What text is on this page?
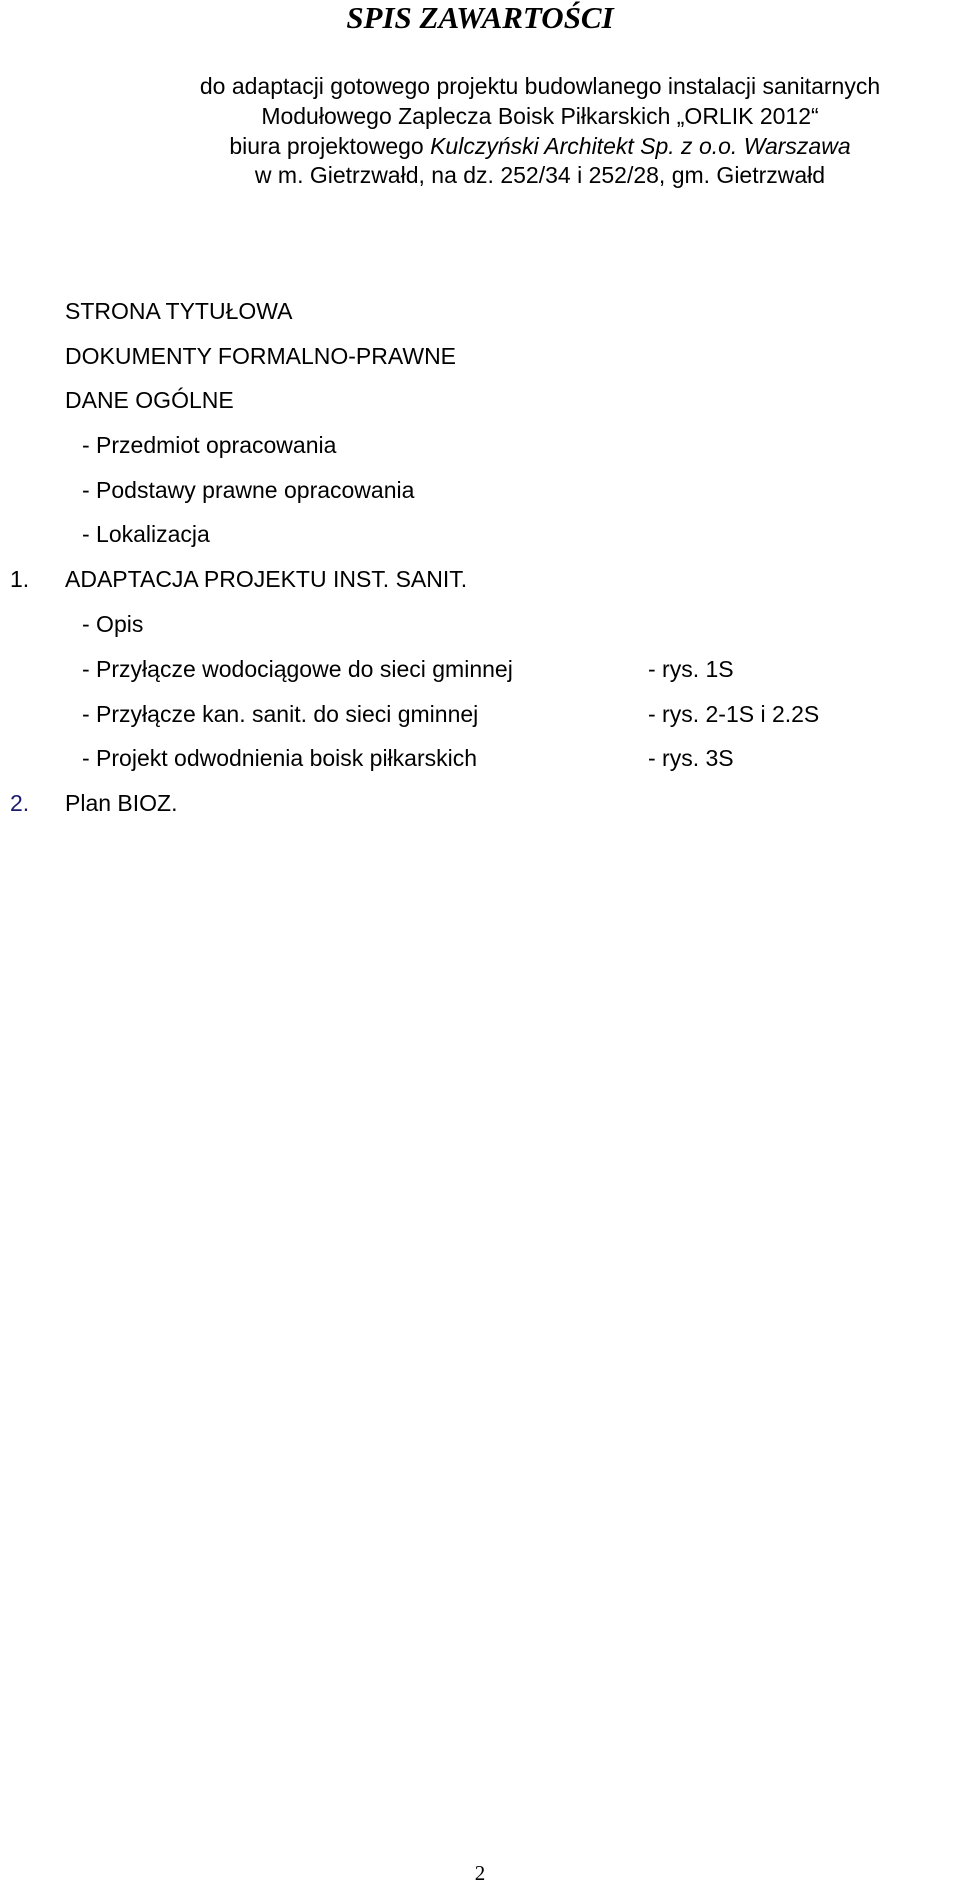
SPIS ZAWARTOŚCI
do adaptacji gotowego projektu budowlanego instalacji sanitarnych
Modułowego Zaplecza Boisk Piłkarskich „ORLIK 2012“
biura projektowego Kulczyński Architekt Sp. z o.o. Warszawa
w m. Gietrzwałd, na dz. 252/34 i 252/28, gm. Gietrzwałd
STRONA TYTUŁOWA
DOKUMENTY FORMALNO-PRAWNE
DANE OGÓLNE
- Przedmiot opracowania
- Podstawy prawne opracowania
- Lokalizacja
1. ADAPTACJA PROJEKTU INST. SANIT.
- Opis
- Przyłącze wodociągowe do sieci gminnej	- rys. 1S
- Przyłącze kan. sanit. do sieci gminnej	- rys. 2-1S i 2.2S
- Projekt odwodnienia boisk piłkarskich	- rys. 3S
2. Plan BIOZ.
2
